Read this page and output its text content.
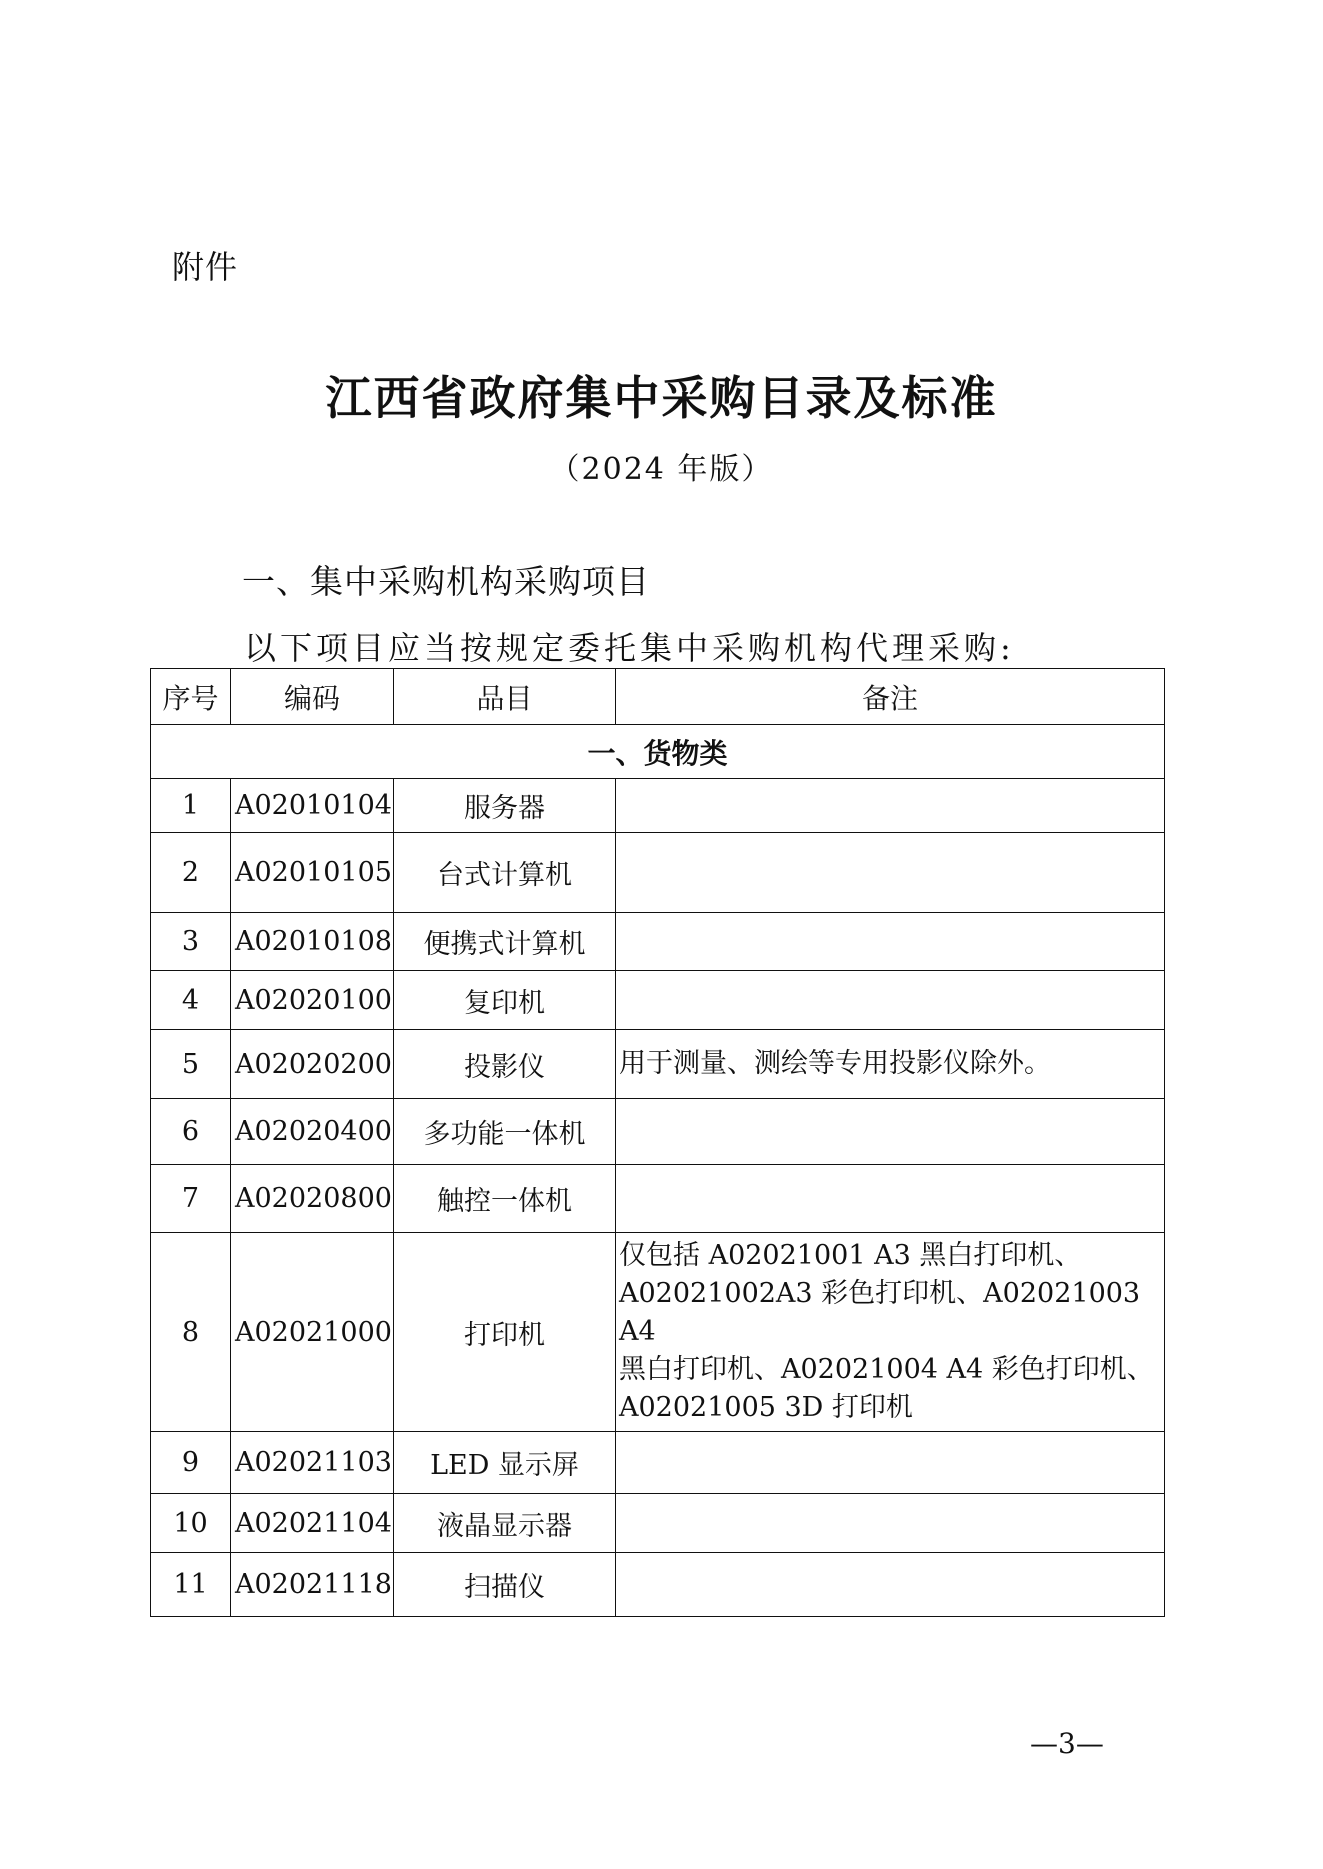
附件
江西省政府集中采购目录及标准
（2024 年版）
一、集中采购机构采购项目
以下项目应当按规定委托集中采购机构代理采购:
序号	编码	品目	备注
一、货物类			
1	A02010104	服务器	
2	A02010105	台式计算机	
3	A02010108	便携式计算机	
4	A02020100	复印机	
5	A02020200	投影仪	用于测量、测绘等专用投影仪除外。
6	A02020400	多功能一体机	
7	A02020800	触控一体机	
8	A02021000	打印机	仅包括 A02021001 A3 黑白打印机、
A02021002A3 彩色打印机、A02021003 A4
黑白打印机、A02021004 A4 彩色打印机、
A02021005 3D 打印机

9	A02021103	LED 显示屏	
10	A02021104	液晶显示器	
11	A02021118	扫描仪	
—3—
